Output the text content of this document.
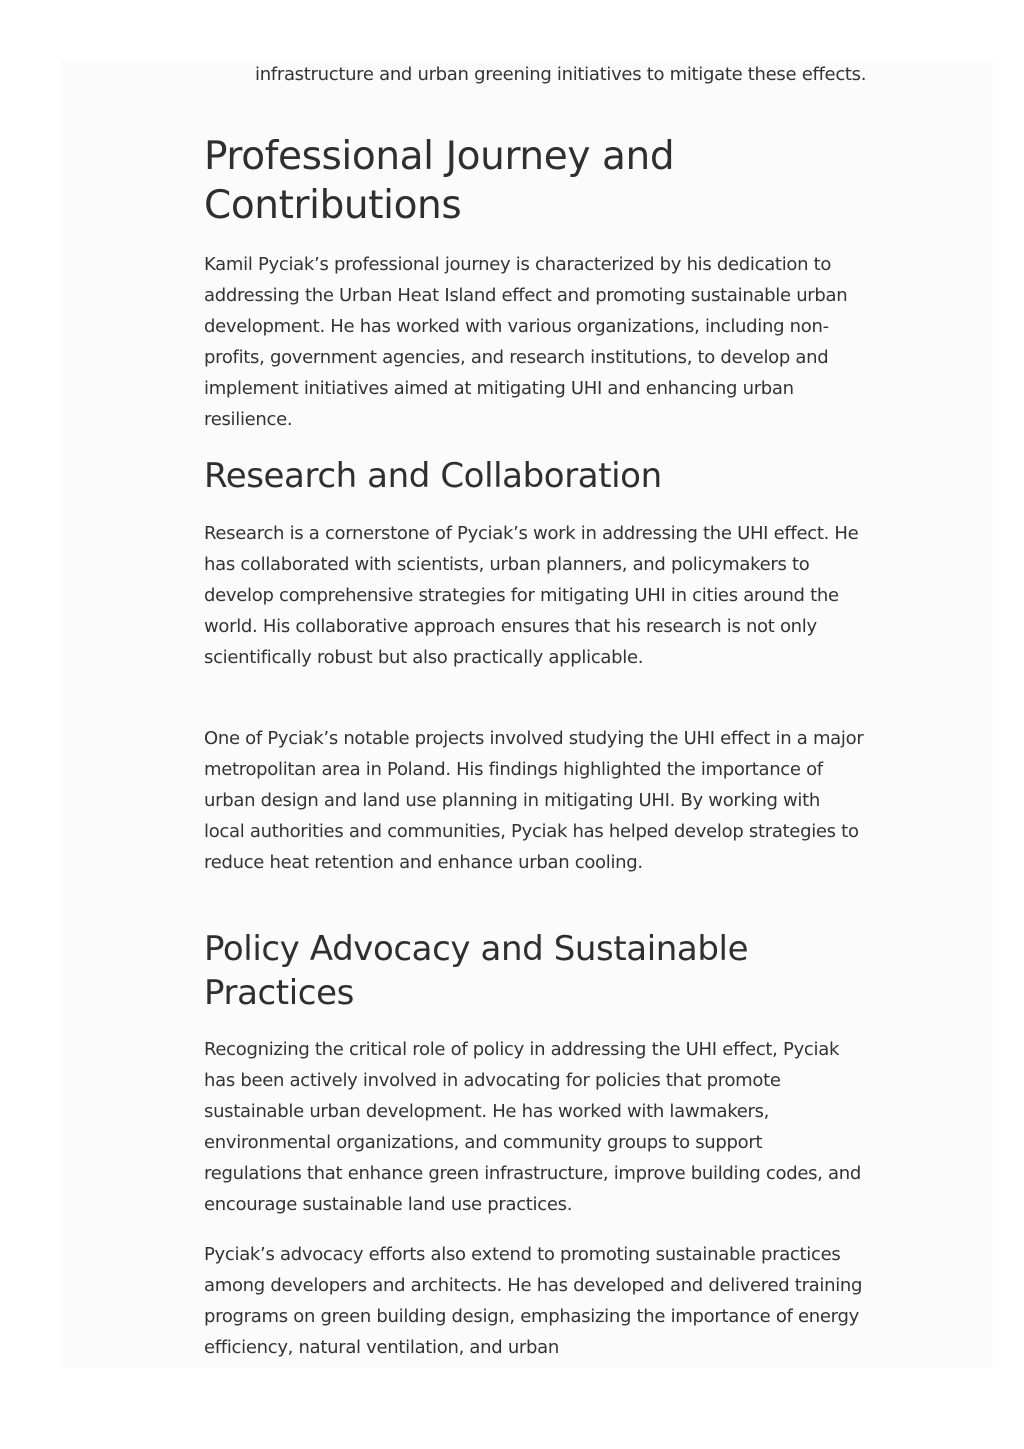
infrastructure and urban greening initiatives to mitigate these effects.

Professional Journey and Contributions

Kamil Pyciak’s professional journey is characterized by his dedication to addressing the Urban Heat Island effect and promoting sustainable urban development. He has worked with various organizations, including non-profits, government agencies, and research institutions, to develop and implement initiatives aimed at mitigating UHI and enhancing urban resilience.

Research and Collaboration

Research is a cornerstone of Pyciak’s work in addressing the UHI effect. He has collaborated with scientists, urban planners, and policymakers to develop comprehensive strategies for mitigating UHI in cities around the world. His collaborative approach ensures that his research is not only scientifically robust but also practically applicable.

One of Pyciak’s notable projects involved studying the UHI effect in a major metropolitan area in Poland. His findings highlighted the importance of urban design and land use planning in mitigating UHI. By working with local authorities and communities, Pyciak has helped develop strategies to reduce heat retention and enhance urban cooling.

Policy Advocacy and Sustainable Practices

Recognizing the critical role of policy in addressing the UHI effect, Pyciak has been actively involved in advocating for policies that promote sustainable urban development. He has worked with lawmakers, environmental organizations, and community groups to support regulations that enhance green infrastructure, improve building codes, and encourage sustainable land use practices.

Pyciak’s advocacy efforts also extend to promoting sustainable practices among developers and architects. He has developed and delivered training programs on green building design, emphasizing the importance of energy efficiency, natural ventilation, and urban
